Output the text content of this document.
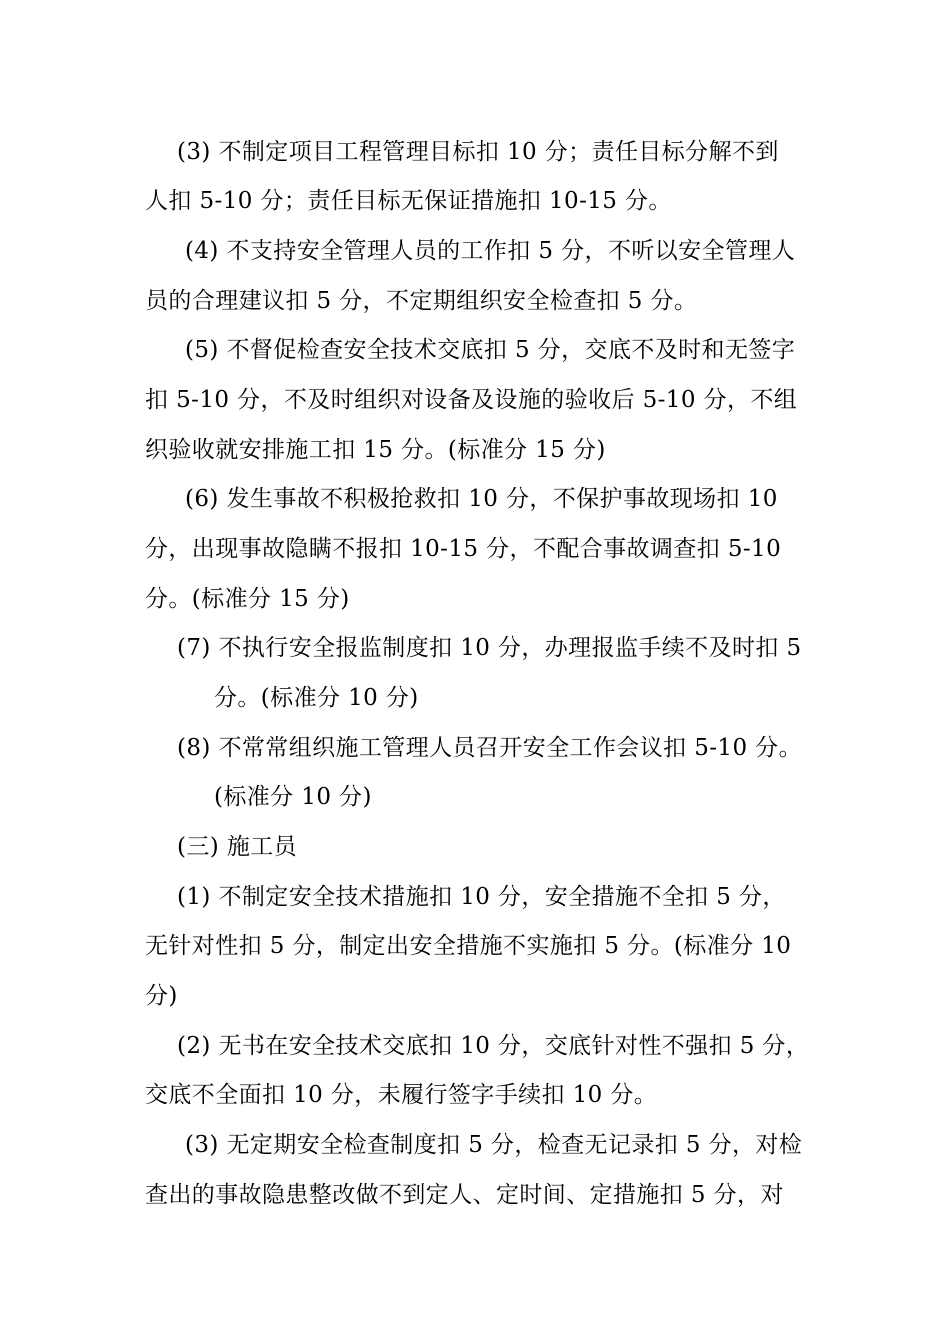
(3) 不制定项目工程管理目标扣 10 分；责任目标分解不到
人扣 5-10 分；责任目标无保证措施扣 10-15 分。
(4) 不支持安全管理人员的工作扣 5 分，不听以安全管理人
员的合理建议扣 5 分，不定期组织安全检查扣 5 分。
(5) 不督促检查安全技术交底扣 5 分，交底不及时和无签字
扣 5-10 分，不及时组织对设备及设施的验收后 5-10 分，不组
织验收就安排施工扣 15 分。(标准分 15 分)
(6) 发生事故不积极抢救扣 10 分，不保护事故现场扣 10
分，出现事故隐瞒不报扣 10-15 分，不配合事故调查扣 5-10
分。(标准分 15 分)
(7) 不执行安全报监制度扣 10 分，办理报监手续不及时扣 5
分。(标准分 10 分)
(8) 不常常组织施工管理人员召开安全工作会议扣 5-10 分。
(标准分 10 分)
(三) 施工员
(1) 不制定安全技术措施扣 10 分，安全措施不全扣 5 分，
无针对性扣 5 分，制定出安全措施不实施扣 5 分。(标准分 10
分)
(2) 无书在安全技术交底扣 10 分，交底针对性不强扣 5 分，
交底不全面扣 10 分，未履行签字手续扣 10 分。
(3) 无定期安全检查制度扣 5 分，检查无记录扣 5 分，对检
查出的事故隐患整改做不到定人、定时间、定措施扣 5 分，对
